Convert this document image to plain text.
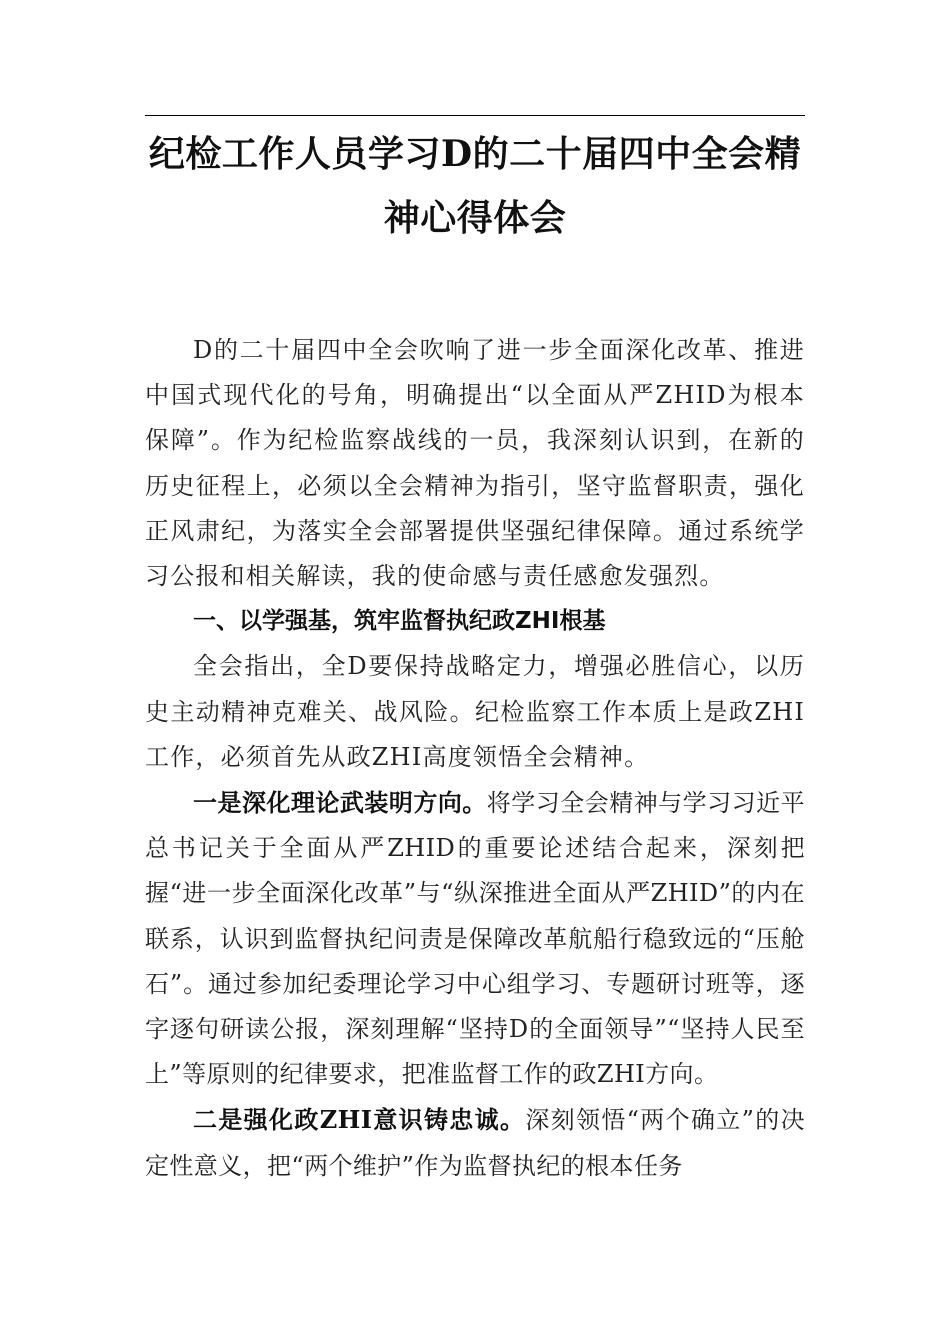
纪检工作人员学习D的二十届四中全会精神心得体会

D的二十届四中全会吹响了进一步全面深化改革、推进中国式现代化的号角，明确提出“以全面从严ZHID为根本保障”。作为纪检监察战线的一员，我深刻认识到，在新的历史征程上，必须以全会精神为指引，坚守监督职责，强化正风肃纪，为落实全会部署提供坚强纪律保障。通过系统学习公报和相关解读，我的使命感与责任感愈发强烈。

一、以学强基，筑牢监督执纪政ZHI根基

全会指出，全D要保持战略定力，增强必胜信心，以历史主动精神克难关、战风险。纪检监察工作本质上是政ZHI工作，必须首先从政ZHI高度领悟全会精神。

一是深化理论武装明方向。将学习全会精神与学习习近平总书记关于全面从严ZHID的重要论述结合起来，深刻把握“进一步全面深化改革”与“纵深推进全面从严ZHID”的内在联系，认识到监督执纪问责是保障改革航船行稳致远的“压舱石”。通过参加纪委理论学习中心组学习、专题研讨班等，逐字逐句研读公报，深刻理解“坚持D的全面领导”“坚持人民至上”等原则的纪律要求，把准监督工作的政ZHI方向。

二是强化政ZHI意识铸忠诚。深刻领悟“两个确立”的决定性意义，把“两个维护”作为监督执纪的根本任务
